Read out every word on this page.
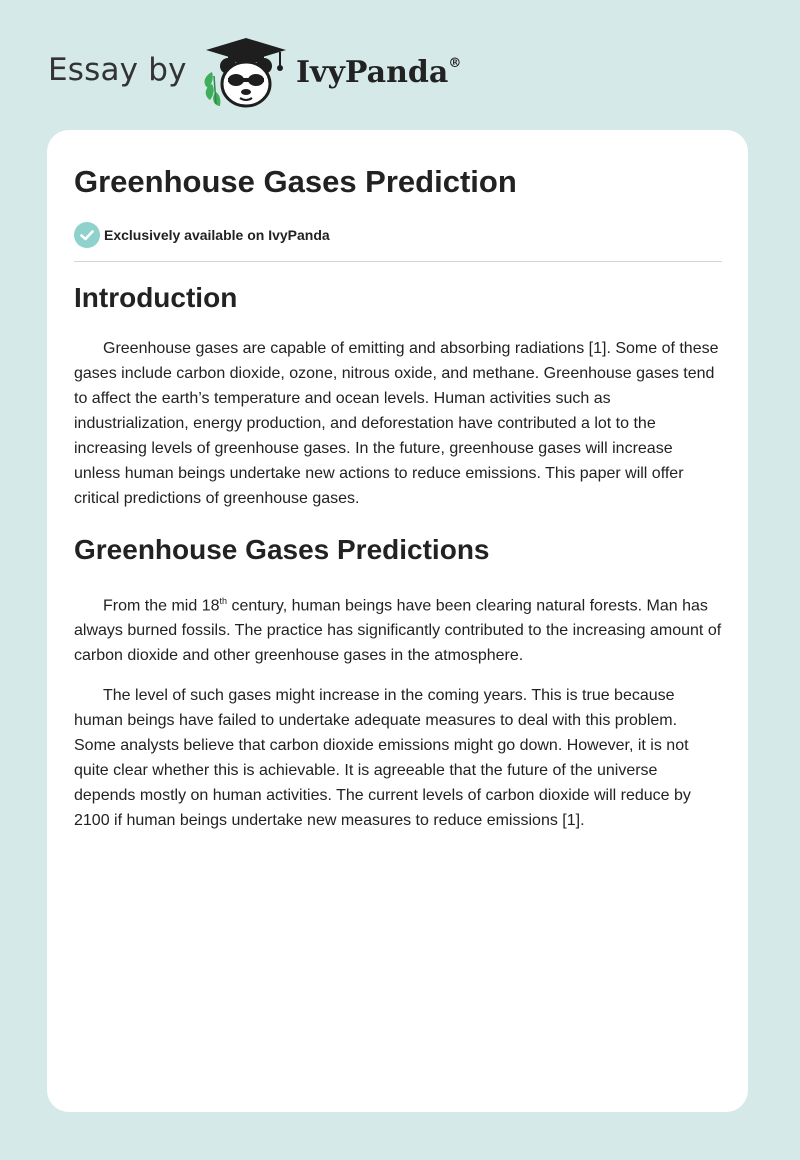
Essay by	IvyPanda®
Greenhouse Gases Prediction
Exclusively available on IvyPanda
Introduction

Greenhouse gases are capable of emitting and absorbing radiations [1]. Some of these gases include carbon dioxide, ozone, nitrous oxide, and methane. Greenhouse gases tend to affect the earth’s temperature and ocean levels. Human activities such as industrialization, energy production, and deforestation have contributed a lot to the increasing levels of greenhouse gases. In the future, greenhouse gases will increase unless human beings undertake new actions to reduce emissions. This paper will offer critical predictions of greenhouse gases.

Greenhouse Gases Predictions

From the mid 18th century, human beings have been clearing natural forests. Man has always burned fossils. The practice has significantly contributed to the increasing amount of carbon dioxide and other greenhouse gases in the atmosphere.

The level of such gases might increase in the coming years. This is true because human beings have failed to undertake adequate measures to deal with this problem. Some analysts believe that carbon dioxide emissions might go down. However, it is not quite clear whether this is achievable. It is agreeable that the future of the universe depends mostly on human activities. The current levels of carbon dioxide will reduce by 2100 if human beings undertake new measures to reduce emissions [1].
